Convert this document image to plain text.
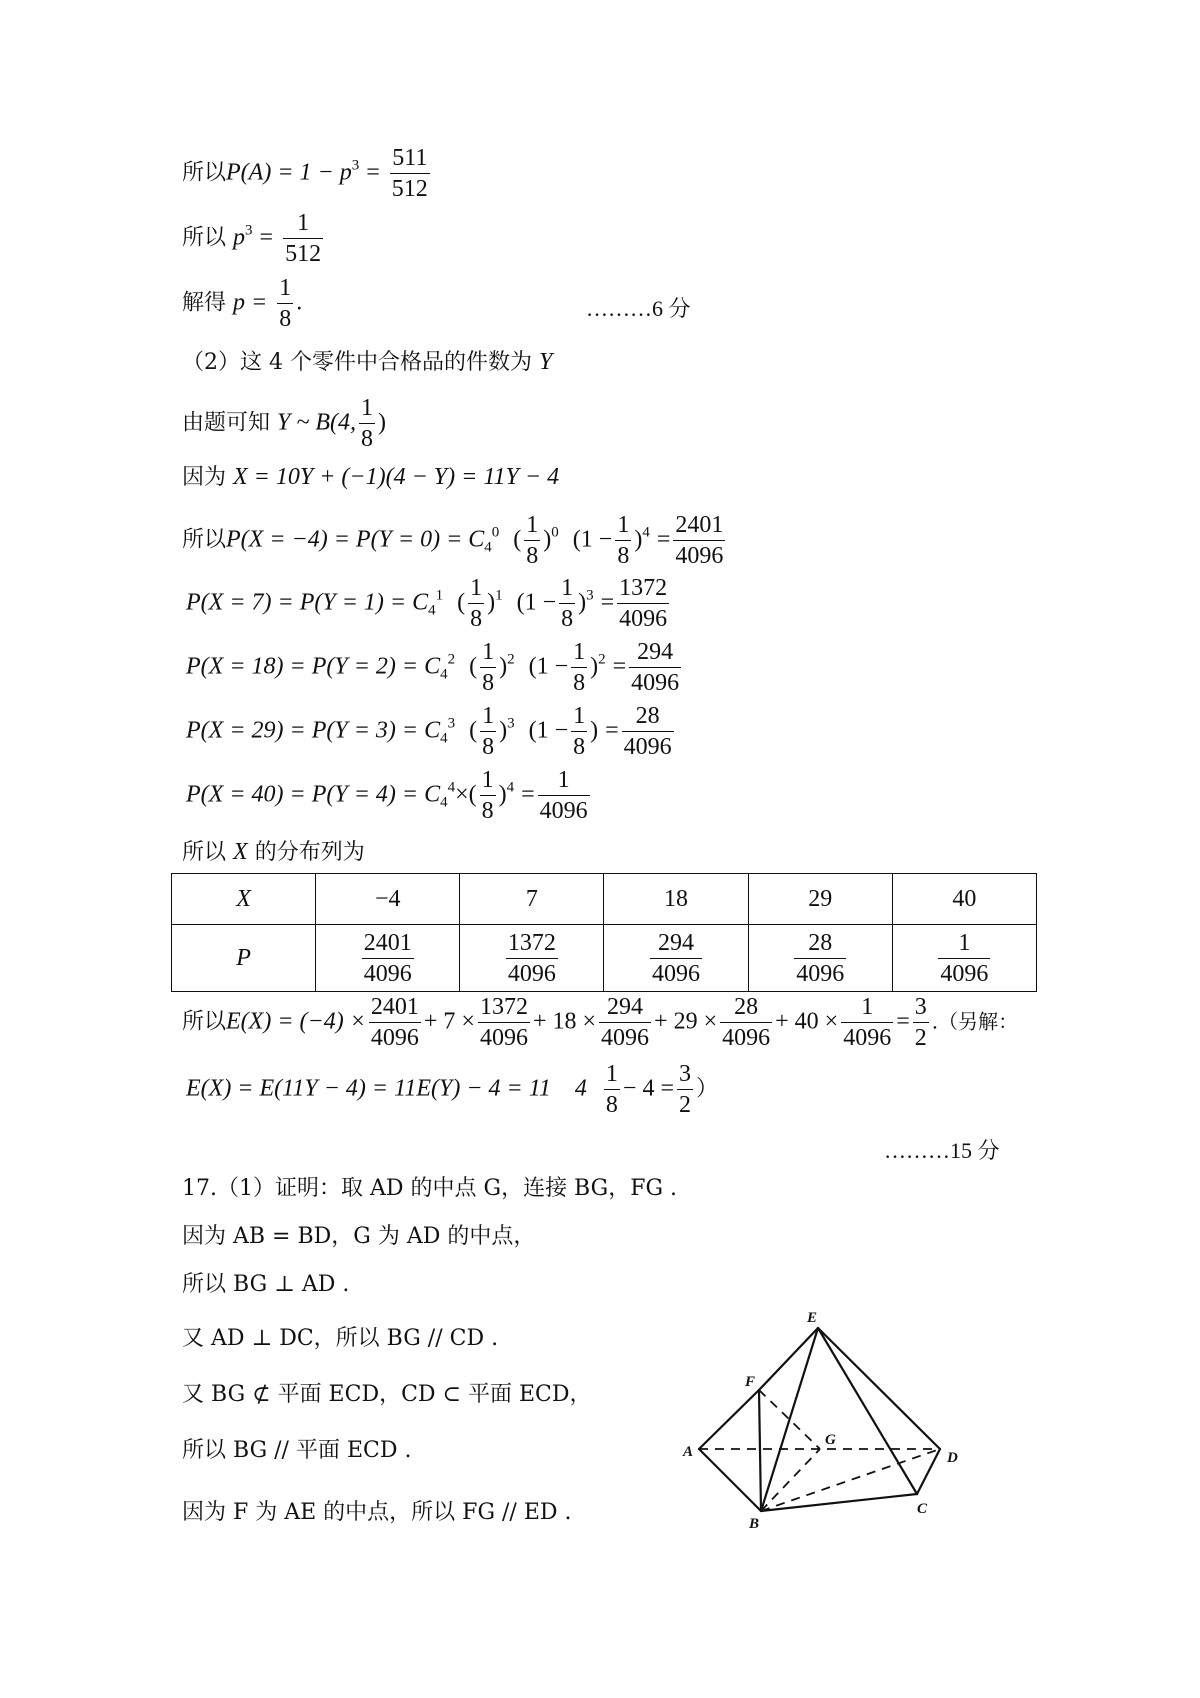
所以$P(A) = 1 - p^3 = \frac{511}{512}$
所以 $p^3 = \frac{1}{512}$
解得 $p = \frac{1}{8}$ .	………6 分
（2）这 4 个零件中合格品的件数为 Y
由题可知 Y ~ B(4, $\frac{1}{8}$ )
因为 X = 10Y + (−1)(4 − Y) = 11Y − 4
所以$P(X = -4) = P(Y = 0) = C_4^0$ ( $\frac{1}{8} )^0$ $(1 - \frac{1}{8} )^4 = \frac{2401}{4096}$
$P(X = 7) = P(Y = 1) = C_4^1$ ( $\frac{1}{8} )^1$ $(1 - \frac{1}{8} )^3 = \frac{1372}{4096}$
$P(X = 18) = P(Y = 2) = C_4^2$ ( $\frac{1}{8} )^2$ $(1 - \frac{1}{8} )^2 = \frac{294}{4096}$
$P(X = 29) = P(Y = 3) = C_4^3$ ( $\frac{1}{8} )^3$ ($1 - \frac{1}{8}$ ) = $\frac{28}{4096}$
$P(X = 40) = P(Y = 4) = C_4^4\times( \frac{1}{8} )^4 = \frac{1}{4096}$
所以 X 的分布列为
X	−4	7	18	29	40
P	$\frac{2401}{4096}$	$\frac{1372}{4096}$	$\frac{294}{4096}$	$\frac{28}{4096}$	$\frac{1}{4096}$
所以$E(X) = (-4) \times \frac{2401}{4096} + 7 \times \frac{1372}{4096} + 18 \times \frac{294}{4096} + 29 \times \frac{28}{4096} + 40 \times \frac{1}{4096} = \frac{3}{2}$ .（另解：
E(X) = E(11Y − 4) = 11E(Y) − 4 = 11　$4 \frac{1}{8} - 4 = \frac{3}{2}$ ）
………15 分
17.（1）证明：取 AD 的中点 G，连接 BG，FG .
因为 AB = BD，G 为 AD 的中点，
所以 BG ⊥ AD .
又 AD ⊥ DC，所以 BG // CD .
又 BG ⊄ 平面 ECD，CD ⊂ 平面 ECD，
所以 BG // 平面 ECD .
因为 F 为 AE 的中点，所以 FG // ED .
E
F
G
A	D
C
B
